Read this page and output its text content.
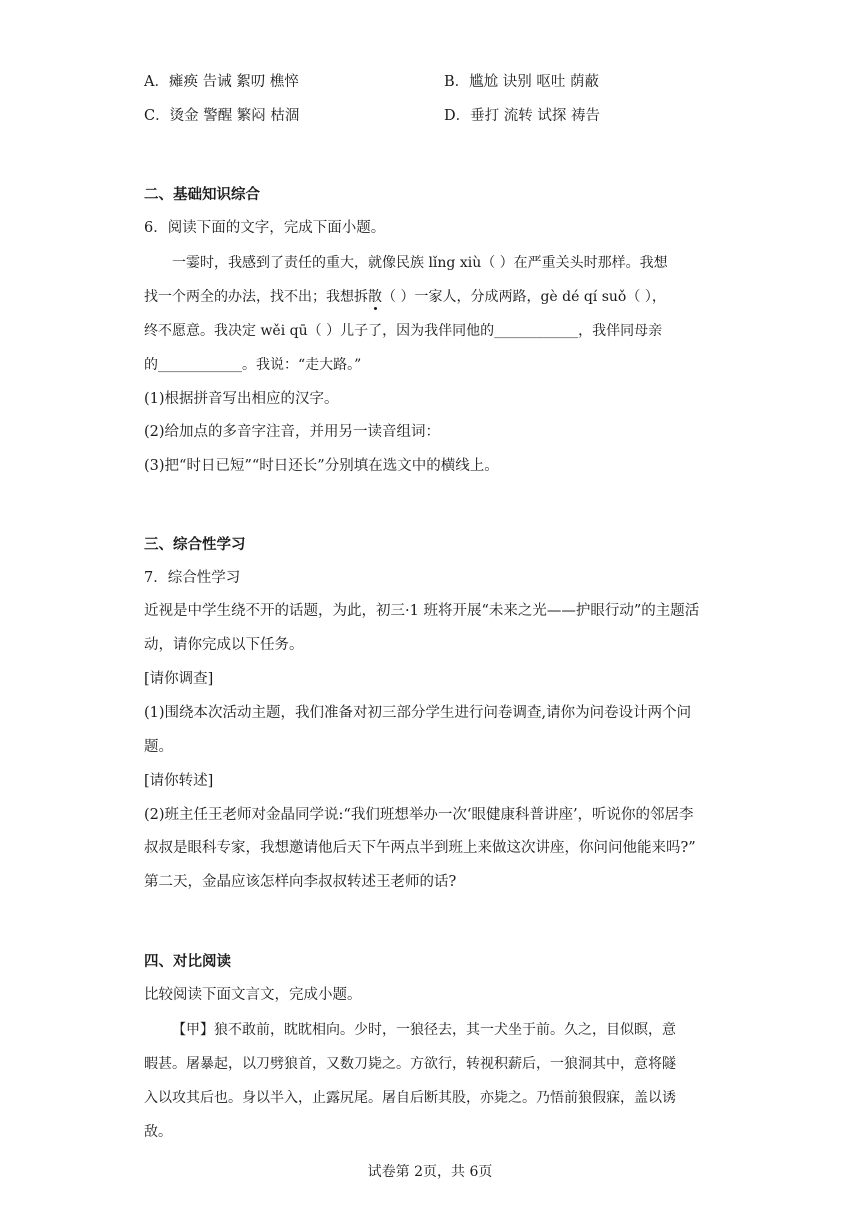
A．瘫痪 告诫 絮叨 樵悴	B．尴尬 诀别 呕吐 荫蔽
C．烫金 警醒 繁闷 枯涸	D．垂打 流转 试探 祷告
二、基础知识综合
6．阅读下面的文字，完成下面小题。
一霎时，我感到了责任的重大，就像民族 lǐng xiù（ ）在严重关头时那样。我想
找一个两全的办法，找不出；我想拆散（ ）一家人，分成两路，gè dé qí suǒ（ ），
终不愿意。我决定 wěi qū（ ）儿子了，因为我伴同他的____________，我伴同母亲
的____________。我说：“走大路。”
(1)根据拼音写出相应的汉字。
(2)给加点的多音字注音，并用另一读音组词：
(3)把“时日已短”“时日还长”分别填在选文中的横线上。
三、综合性学习
7．综合性学习
近视是中学生绕不开的话题，为此，初三·1 班将开展“未来之光——护眼行动”的主题活
动，请你完成以下任务。
[请你调查]
(1)围绕本次活动主题，我们准备对初三部分学生进行问卷调查,请你为问卷设计两个问
题。
[请你转述]
(2)班主任王老师对金晶同学说:“我们班想举办一次‘眼健康科普讲座’，听说你的邻居李
叔叔是眼科专家，我想邀请他后天下午两点半到班上来做这次讲座，你问问他能来吗?”
第二天，金晶应该怎样向李叔叔转述王老师的话?
四、对比阅读
比较阅读下面文言文，完成小题。
【甲】狼不敢前，眈眈相向。少时，一狼径去，其一犬坐于前。久之，目似瞑，意
暇甚。屠暴起，以刀劈狼首，又数刀毙之。方欲行，转视积薪后，一狼洞其中，意将隧
入以攻其后也。身以半入，止露尻尾。屠自后断其股，亦毙之。乃悟前狼假寐，盖以诱
敌。
试卷第 2页，共 6页
